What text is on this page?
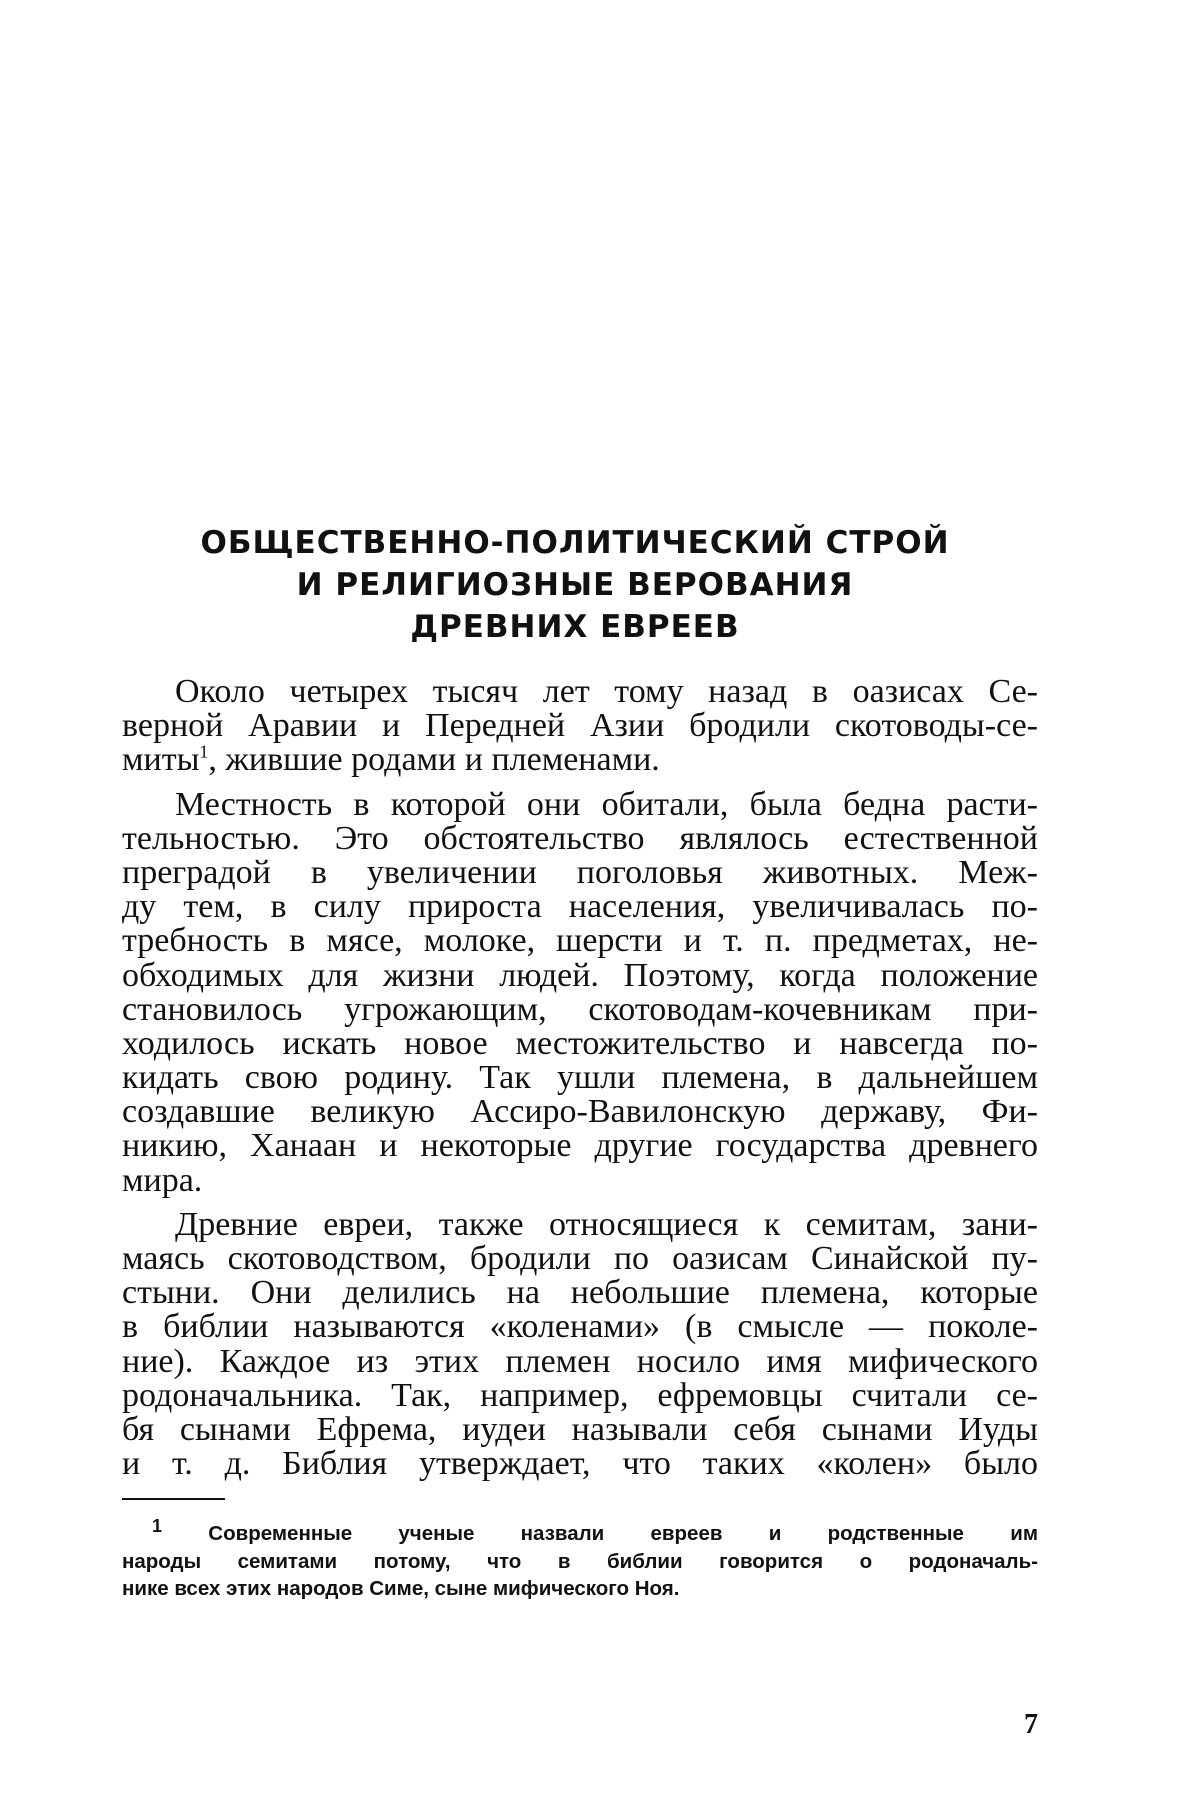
ОБЩЕСТВЕННО-ПОЛИТИЧЕСКИЙ СТРОЙ
И РЕЛИГИОЗНЫЕ ВЕРОВАНИЯ
ДРЕВНИХ ЕВРЕЕВ
Около четырех тысяч лет тому назад в оазисах Се-
верной Аравии и Передней Азии бродили скотоводы-се-
миты$^1$, жившие родами и племенами.
Местность в которой они обитали, была бедна расти-
тельностью. Это обстоятельство являлось естественной
преградой в увеличении поголовья животных. Меж-
ду тем, в силу прироста населения, увеличивалась по-
требность в мясе, молоке, шерсти и т. п. предметах, не-
обходимых для жизни людей. Поэтому, когда положение
становилось угрожающим, скотоводам-кочевникам при-
ходилось искать новое местожительство и навсегда по-
кидать свою родину. Так ушли племена, в дальнейшем
создавшие великую Ассиро-Вавилонскую державу, Фи-
никию, Ханаан и некоторые другие государства древнего
мира.
Древние евреи, также относящиеся к семитам, зани-
маясь скотоводством, бродили по оазисам Синайской пу-
стыни. Они делились на небольшие племена, которые
в библии называются «коленами» (в смысле — поколе-
ние). Каждое из этих племен носило имя мифического
родоначальника. Так, например, ефремовцы считали се-
бя сынами Ефрема, иудеи называли себя сынами Иуды
и т. д. Библия утверждает, что таких «колен» было
$^1$ Современные ученые назвали евреев и родственные им
народы семитами потому, что в библии говорится о родоначаль-
нике всех этих народов Симе, сыне мифического Ноя.
7
